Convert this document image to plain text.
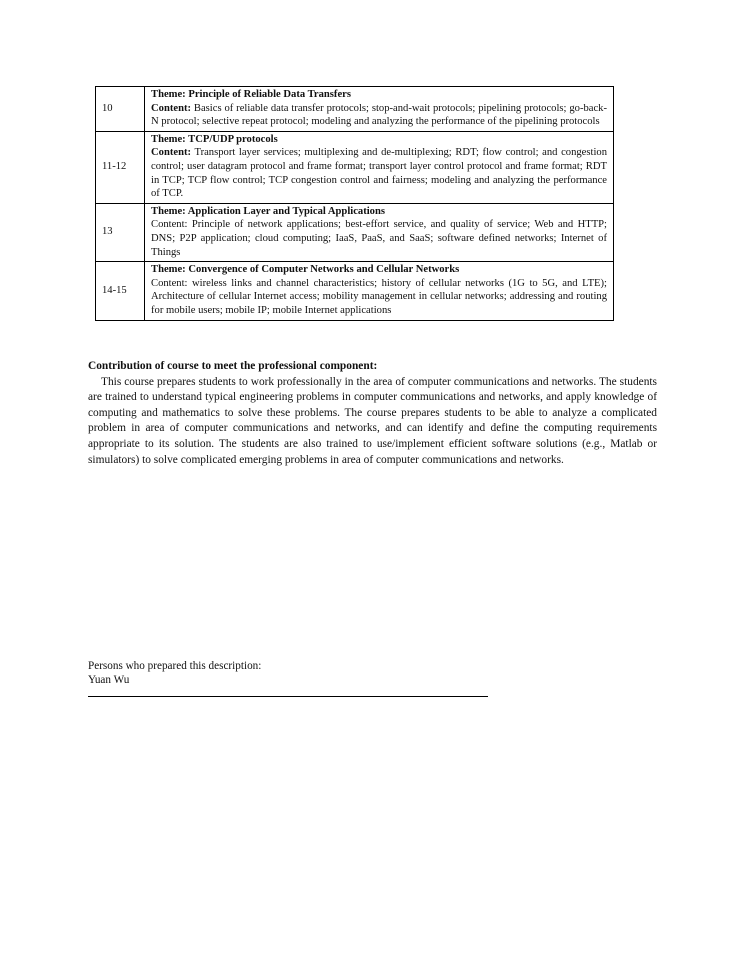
10	Theme: Principle of Reliable Data Transfers
Content: Basics of reliable data transfer protocols; stop-and-wait protocols; pipelining protocols; go-back-N protocol; selective repeat protocol; modeling and analyzing the performance of the pipelining protocols

11-12	Theme: TCP/UDP protocols
Content: Transport layer services; multiplexing and de-multiplexing; RDT; flow control; and congestion control; user datagram protocol and frame format; transport layer control protocol and frame format; RDT in TCP; TCP flow control; TCP congestion control and fairness; modeling and analyzing the performance of TCP.

13	Theme: Application Layer and Typical Applications
Content: Principle of network applications; best-effort service, and quality of service; Web and HTTP; DNS; P2P application; cloud computing; IaaS, PaaS, and SaaS; software defined networks; Internet of Things

14-15	Theme: Convergence of Computer Networks and Cellular Networks
Content: wireless links and channel characteristics; history of cellular networks (1G to 5G, and LTE); Architecture of cellular Internet access; mobility management in cellular networks; addressing and routing for mobile users; mobile IP; mobile Internet applications
Contribution of course to meet the professional component:
This course prepares students to work professionally in the area of computer communications and networks. The students are trained to understand typical engineering problems in computer communications and networks, and apply knowledge of computing and mathematics to solve these problems. The course prepares students to be able to analyze a complicated problem in area of computer communications and networks, and can identify and define the computing requirements appropriate to its solution. The students are also trained to use/implement efficient software solutions (e.g., Matlab or simulators) to solve complicated emerging problems in area of computer communications and networks.
Persons who prepared this description:
Yuan Wu
